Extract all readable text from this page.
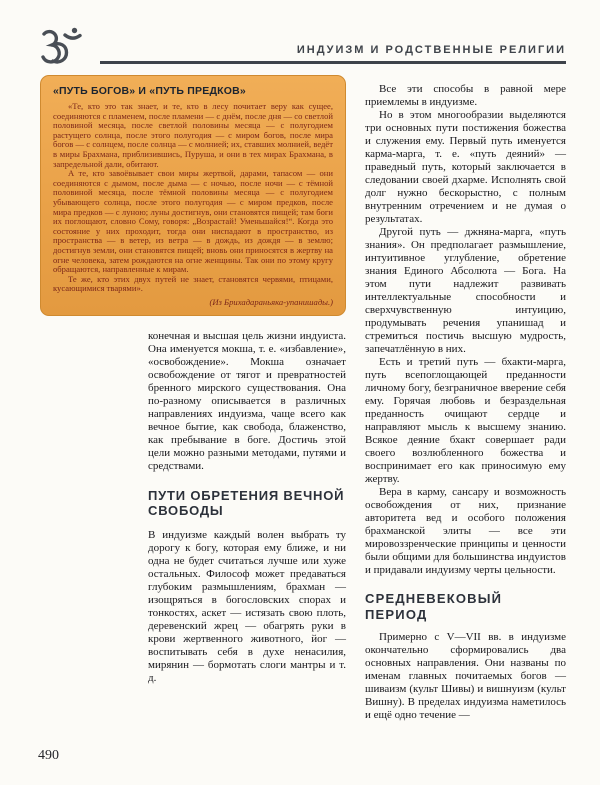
ИНДУИЗМ И РОДСТВЕННЫЕ РЕЛИГИИ
«ПУТЬ БОГОВ» И «ПУТЬ ПРЕДКОВ»

«Те, кто это так знает, и те, кто в лесу почитает веру как сущее, соединяются с пламенем, после пламени — с днём, после дня — со светлой половиной месяца, после светлой половины месяца — с полугодием растущего солнца, после этого полугодия — с миром богов, после мира богов — с солнцем, после солнца — с молнией; их, ставших молнией, ведёт в миры Брахмана, приблизившись, Пуруша, и они в тех мирах Брахмана, в запредельной дали, обитают.

А те, кто завоёвывает свои миры жертвой, дарами, тапасом — они соединяются с дымом, после дыма — с ночью, после ночи — с тёмной половиной месяца, после тёмной половины месяца — с полугодием убывающего солнца, после этого полугодия — с миром предков, после мира предков — с луною; луны достигнув, они становятся пищей; там боги их поглощают, словно Сому, говоря: „Возрастай! Уменьшайся!“. Когда это состояние у них проходит, тогда они ниспадают в пространство, из пространства — в ветер, из ветра — в дождь, из дождя — в землю; достигнув земли, они становятся пищей; вновь они приносятся в жертву на огне человека, затем рождаются на огне женщины. Так они по этому кругу обращаются, направленные к мирам.

Те же, кто этих двух путей не знает, становятся червями, птицами, кусающимися тварями».

(Из Брихадараньяка-упанишады.)

конечная и высшая цель жизни индуиста. Она именуется мокша, т. е. «избавление», «освобождение». Мокша означает освобождение от тягот и превратностей бренного мирского существования. Она по-разному описывается в различных направлениях индуизма, чаще всего как вечное бытие, как свобода, блаженство, как пребывание в боге. Достичь этой цели можно разными методами, путями и средствами.

ПУТИ ОБРЕТЕНИЯ ВЕЧНОЙ СВОБОДЫ

В индуизме каждый волен выбрать ту дорогу к богу, которая ему ближе, и ни одна не будет считаться лучше или хуже остальных. Философ может предаваться глубоким размышлениям, брахман — изощряться в богословских спорах и тонкостях, аскет — истязать свою плоть, деревенский жрец — обагрять руки в крови жертвенного животного, йог — воспитывать себя в духе ненасилия, мирянин — бормотать слоги мантры и т. д.

Все эти способы в равной мере приемлемы в индуизме.

Но в этом многообразии выделяются три основных пути постижения божества и служения ему. Первый путь именуется карма-марга, т. е. «путь деяний» — праведный путь, который заключается в следовании своей дхарме. Исполнять свой долг нужно бескорыстно, с полным внутренним отречением и не думая о результатах.

Другой путь — джняна-марга, «путь знания». Он предполагает размышление, интуитивное углубление, обретение знания Единого Абсолюта — Бога. На этом пути надлежит развивать интеллектуальные способности и сверхчувственную интуицию, продумывать речения упанишад и стремиться постичь высшую мудрость, запечатлённую в них.

Есть и третий путь — бхакти-марга, путь всепоглощающей преданности личному богу, безграничное вверение себя ему. Горячая любовь и безраздельная преданность очищают сердце и направляют мысль к высшему знанию. Всякое деяние бхакт совершает ради своего возлюбленного божества и воспринимает его как приносимую ему жертву.

Вера в карму, сансару и возможность освобождения от них, признание авторитета вед и особого положения брахманской элиты — все эти мировоззренческие принципы и ценности были общими для большинства индуистов и придавали индуизму черты цельности.

СРЕДНЕВЕКОВЫЙ ПЕРИОД

Примерно с V—VII вв. в индуизме окончательно сформировались два основных направления. Они названы по именам главных почитаемых богов — шиваизм (культ Шивы) и вишнуизм (культ Вишну). В пределах индуизма наметилось и ещё одно течение —

490
